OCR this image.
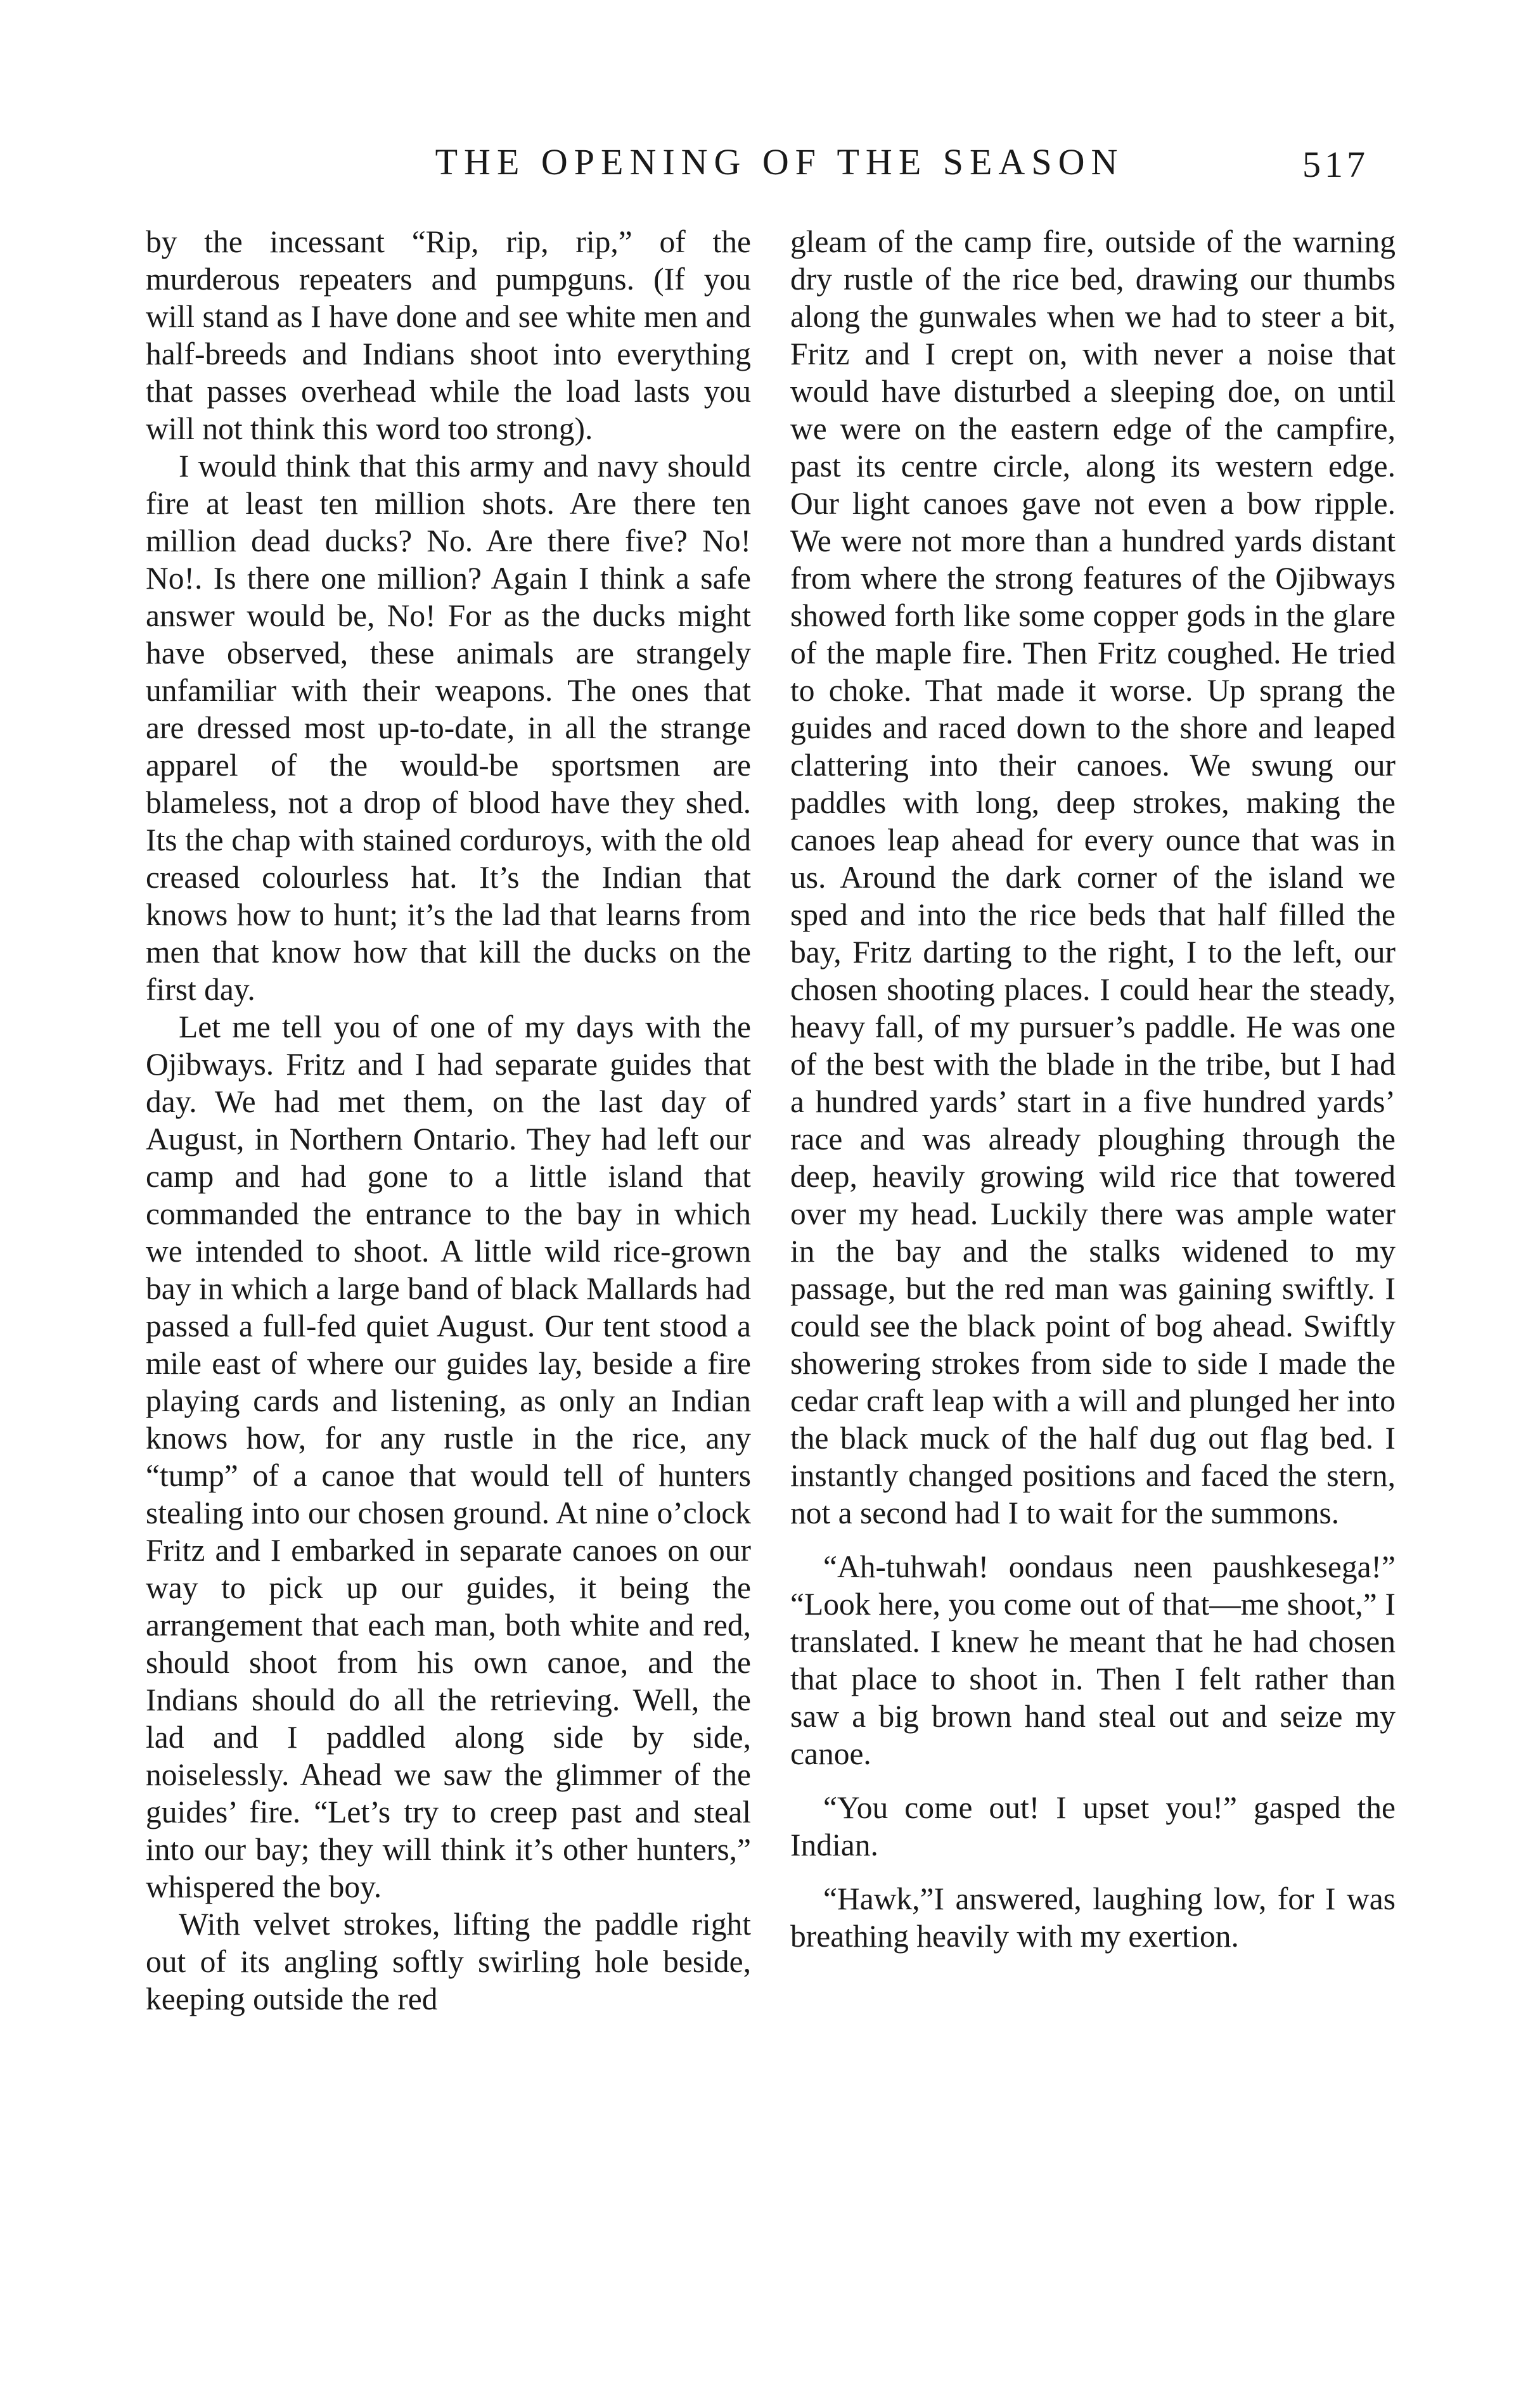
THE OPENING OF THE SEASON	517

by the incessant “Rip, rip, rip,” of the murderous repeaters and pumpguns. (If you will stand as I have done and see white men and half-breeds and Indians shoot into everything that passes overhead while the load lasts you will not think this word too strong).

I would think that this army and navy should fire at least ten million shots. Are there ten million dead ducks? No. Are there five? No! No!. Is there one million? Again I think a safe answer would be, No! For as the ducks might have observed, these animals are strangely unfamiliar with their weapons. The ones that are dressed most up-to-date, in all the strange apparel of the would-be sportsmen are blameless, not a drop of blood have they shed. Its the chap with stained corduroys, with the old creased colourless hat. It’s the Indian that knows how to hunt; it’s the lad that learns from men that know how that kill the ducks on the first day.

Let me tell you of one of my days with the Ojibways. Fritz and I had separate guides that day. We had met them, on the last day of August, in Northern Ontario. They had left our camp and had gone to a little island that commanded the entrance to the bay in which we intended to shoot. A little wild rice-grown bay in which a large band of black Mallards had passed a full-fed quiet August. Our tent stood a mile east of where our guides lay, beside a fire playing cards and listening, as only an Indian knows how, for any rustle in the rice, any “tump” of a canoe that would tell of hunters stealing into our chosen ground. At nine o’clock Fritz and I embarked in separate canoes on our way to pick up our guides, it being the arrangement that each man, both white and red, should shoot from his own canoe, and the Indians should do all the retrieving. Well, the lad and I paddled along side by side, noiselessly. Ahead we saw the glimmer of the guides’ fire. “Let’s try to creep past and steal into our bay; they will think it’s other hunters,” whispered the boy.

With velvet strokes, lifting the paddle right out of its angling softly swirling hole beside, keeping outside the red

gleam of the camp fire, outside of the warning dry rustle of the rice bed, drawing our thumbs along the gunwales when we had to steer a bit, Fritz and I crept on, with never a noise that would have disturbed a sleeping doe, on until we were on the eastern edge of the campfire, past its centre circle, along its western edge. Our light canoes gave not even a bow ripple. We were not more than a hundred yards distant from where the strong features of the Ojibways showed forth like some copper gods in the glare of the maple fire. Then Fritz coughed. He tried to choke. That made it worse. Up sprang the guides and raced down to the shore and leaped clattering into their canoes. We swung our paddles with long, deep strokes, making the canoes leap ahead for every ounce that was in us. Around the dark corner of the island we sped and into the rice beds that half filled the bay, Fritz darting to the right, I to the left, our chosen shooting places. I could hear the steady, heavy fall, of my pursuer’s paddle. He was one of the best with the blade in the tribe, but I had a hundred yards’ start in a five hundred yards’ race and was already ploughing through the deep, heavily growing wild rice that towered over my head. Luckily there was ample water in the bay and the stalks widened to my passage, but the red man was gaining swiftly. I could see the black point of bog ahead. Swiftly showering strokes from side to side I made the cedar craft leap with a will and plunged her into the black muck of the half dug out flag bed. I instantly changed positions and faced the stern, not a second had I to wait for the summons.

“Ah-tuhwah! oondaus neen paushkesega!” “Look here, you come out of that—me shoot,” I translated. I knew he meant that he had chosen that place to shoot in. Then I felt rather than saw a big brown hand steal out and seize my canoe.

“You come out! I upset you!” gasped the Indian.

“Hawk,”I answered, laughing low, for I was breathing heavily with my exertion.
